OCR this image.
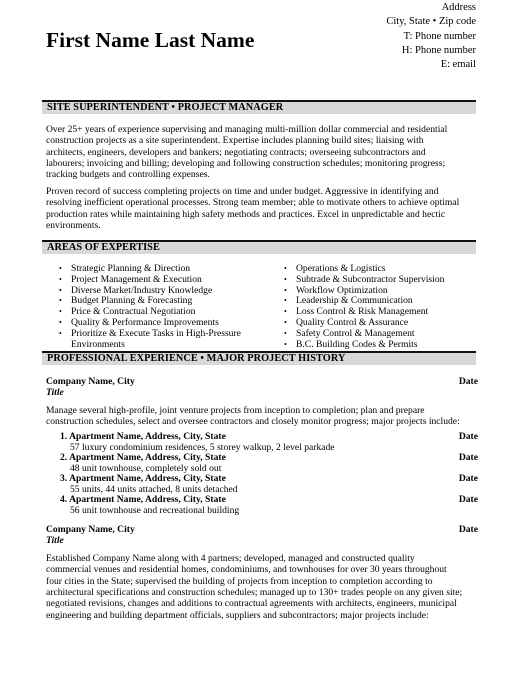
First Name Last Name
Address
City, State • Zip code
T: Phone number
H: Phone number
E: email
SITE SUPERINTENDENT • PROJECT MANAGER

Over 25+ years of experience supervising and managing multi-million dollar commercial and residential

construction projects as a site superintendent. Expertise includes planning build sites; liaising with

architects, engineers, developers and bankers; negotiating contracts; overseeing subcontractors and

labourers; invoicing and billing; developing and following construction schedules; monitoring progress;

tracking budgets and controlling expenses.

Proven record of success completing projects on time and under budget. Aggressive in identifying and

resolving inefficient operational processes. Strong team member; able to motivate others to achieve optimal

production rates while maintaining high safety methods and practices. Excel in unpredictable and hectic

environments.

AREAS OF EXPERTISE
• Strategic Planning & Direction
• Project Management & Execution
• Diverse Market/Industry Knowledge
• Budget Planning & Forecasting
• Price & Contractual Negotiation
• Quality & Performance Improvements
• Prioritize & Execute Tasks in High-Pressure Environments
• Operations & Logistics
• Subtrade & Subcontractor Supervision
• Workflow Optimization
• Leadership & Communication
• Loss Control & Risk Management
• Quality Control & Assurance
• Safety Control & Management
• B.C. Building Codes & Permits
PROFESSIONAL EXPERIENCE • MAJOR PROJECT HISTORY
Company Name, City	Date
Title

Manage several high-profile, joint venture projects from inception to completion; plan and prepare

construction schedules, select and oversee contractors and closely monitor progress; major projects include:

1. Apartment Name, Address, City, State	Date
57 luxury condominium residences, 5 storey walkup, 2 level parkade
2. Apartment Name, Address, City, State	Date
48 unit townhouse, completely sold out
3. Apartment Name, Address, City, State	Date
55 units, 44 units attached, 8 units detached
4. Apartment Name, Address, City, State	Date
56 unit townhouse and recreational building
Company Name, City	Date
Title

Established Company Name along with 4 partners; developed, managed and constructed quality

commercial venues and residential homes, condominiums, and townhouses for over 30 years throughout

four cities in the State; supervised the building of projects from inception to completion according to

architectural specifications and construction schedules; managed up to 130+ trades people on any given site;

negotiated revisions, changes and additions to contractual agreements with architects, engineers, municipal

engineering and building department officials, suppliers and subcontractors; major projects include:
